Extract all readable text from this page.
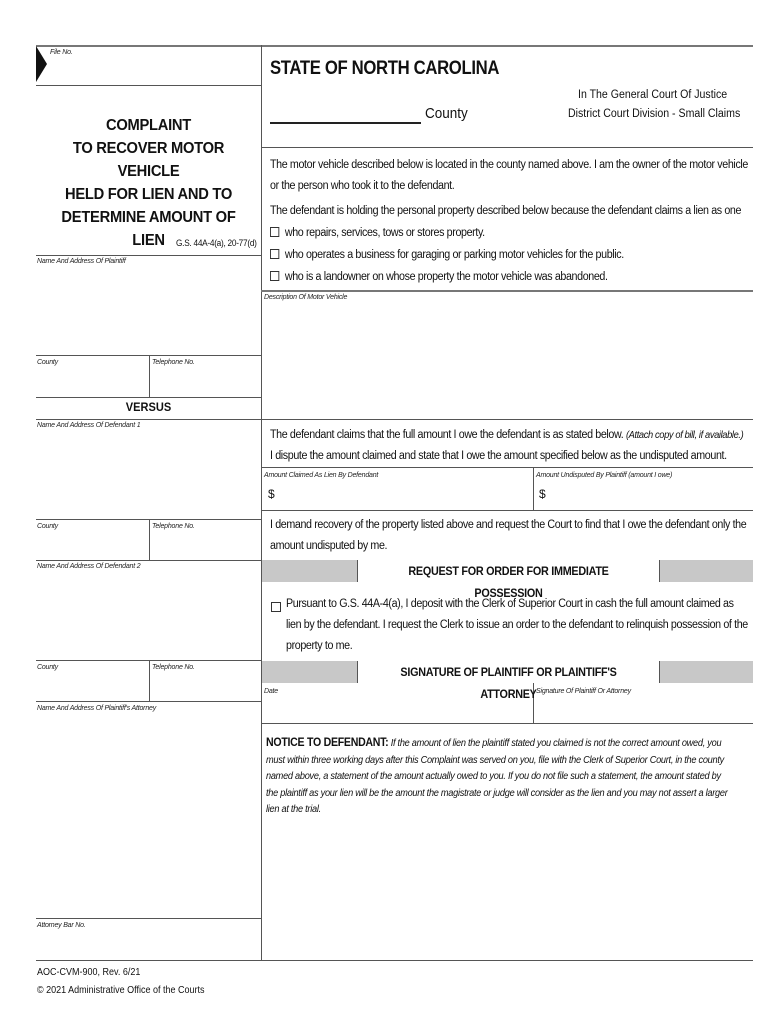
File No.
COMPLAINT
TO RECOVER MOTOR VEHICLE
HELD FOR LIEN AND TO
DETERMINE AMOUNT OF LIEN	G.S. 44A-4(a), 20-77(d)
Name And Address Of Plaintiff
County	Telephone No.
VERSUS
Name And Address Of Defendant 1
County	Telephone No.
Name And Address Of Defendant 2
County	Telephone No.
Name And Address Of Plaintiff's Attorney
Attorney Bar No.
STATE OF NORTH CAROLINA
County
In The General Court Of Justice
District Court Division - Small Claims
The motor vehicle described below is located in the county named above. I am the owner of the motor vehicle
or the person who took it to the defendant.
The defendant is holding the personal property described below because the defendant claims a lien as one
who repairs, services, tows or stores property.
who operates a business for garaging or parking motor vehicles for the public.
who is a landowner on whose property the motor vehicle was abandoned.
Description Of Motor Vehicle
The defendant claims that the full amount I owe the defendant is as stated below. (Attach copy of bill, if available.)
I dispute the amount claimed and state that I owe the amount specified below as the undisputed amount.
Amount Claimed As Lien By Defendant
$
Amount Undisputed By Plaintiff (amount I owe)
$
I demand recovery of the property listed above and request the Court to find that I owe the defendant only the
amount undisputed by me.
REQUEST FOR ORDER FOR IMMEDIATE POSSESSION
Pursuant to G.S. 44A-4(a), I deposit with the Clerk of Superior Court in cash the full amount claimed as
lien by the defendant. I request the Clerk to issue an order to the defendant to relinquish possession of the
property to me.
SIGNATURE OF PLAINTIFF OR PLAINTIFF'S ATTORNEY
Date	Signature Of Plaintiff Or Attorney
NOTICE TO DEFENDANT: If the amount of lien the plaintiff stated you claimed is not the correct amount owed, you
must within three working days after this Complaint was served on you, file with the Clerk of Superior Court, in the county
named above, a statement of the amount actually owed to you. If you do not file such a statement, the amount stated by
the plaintiff as your lien will be the amount the magistrate or judge will consider as the lien and you may not assert a larger
lien at the trial.
AOC-CVM-900, Rev. 6/21
© 2021 Administrative Office of the Courts
